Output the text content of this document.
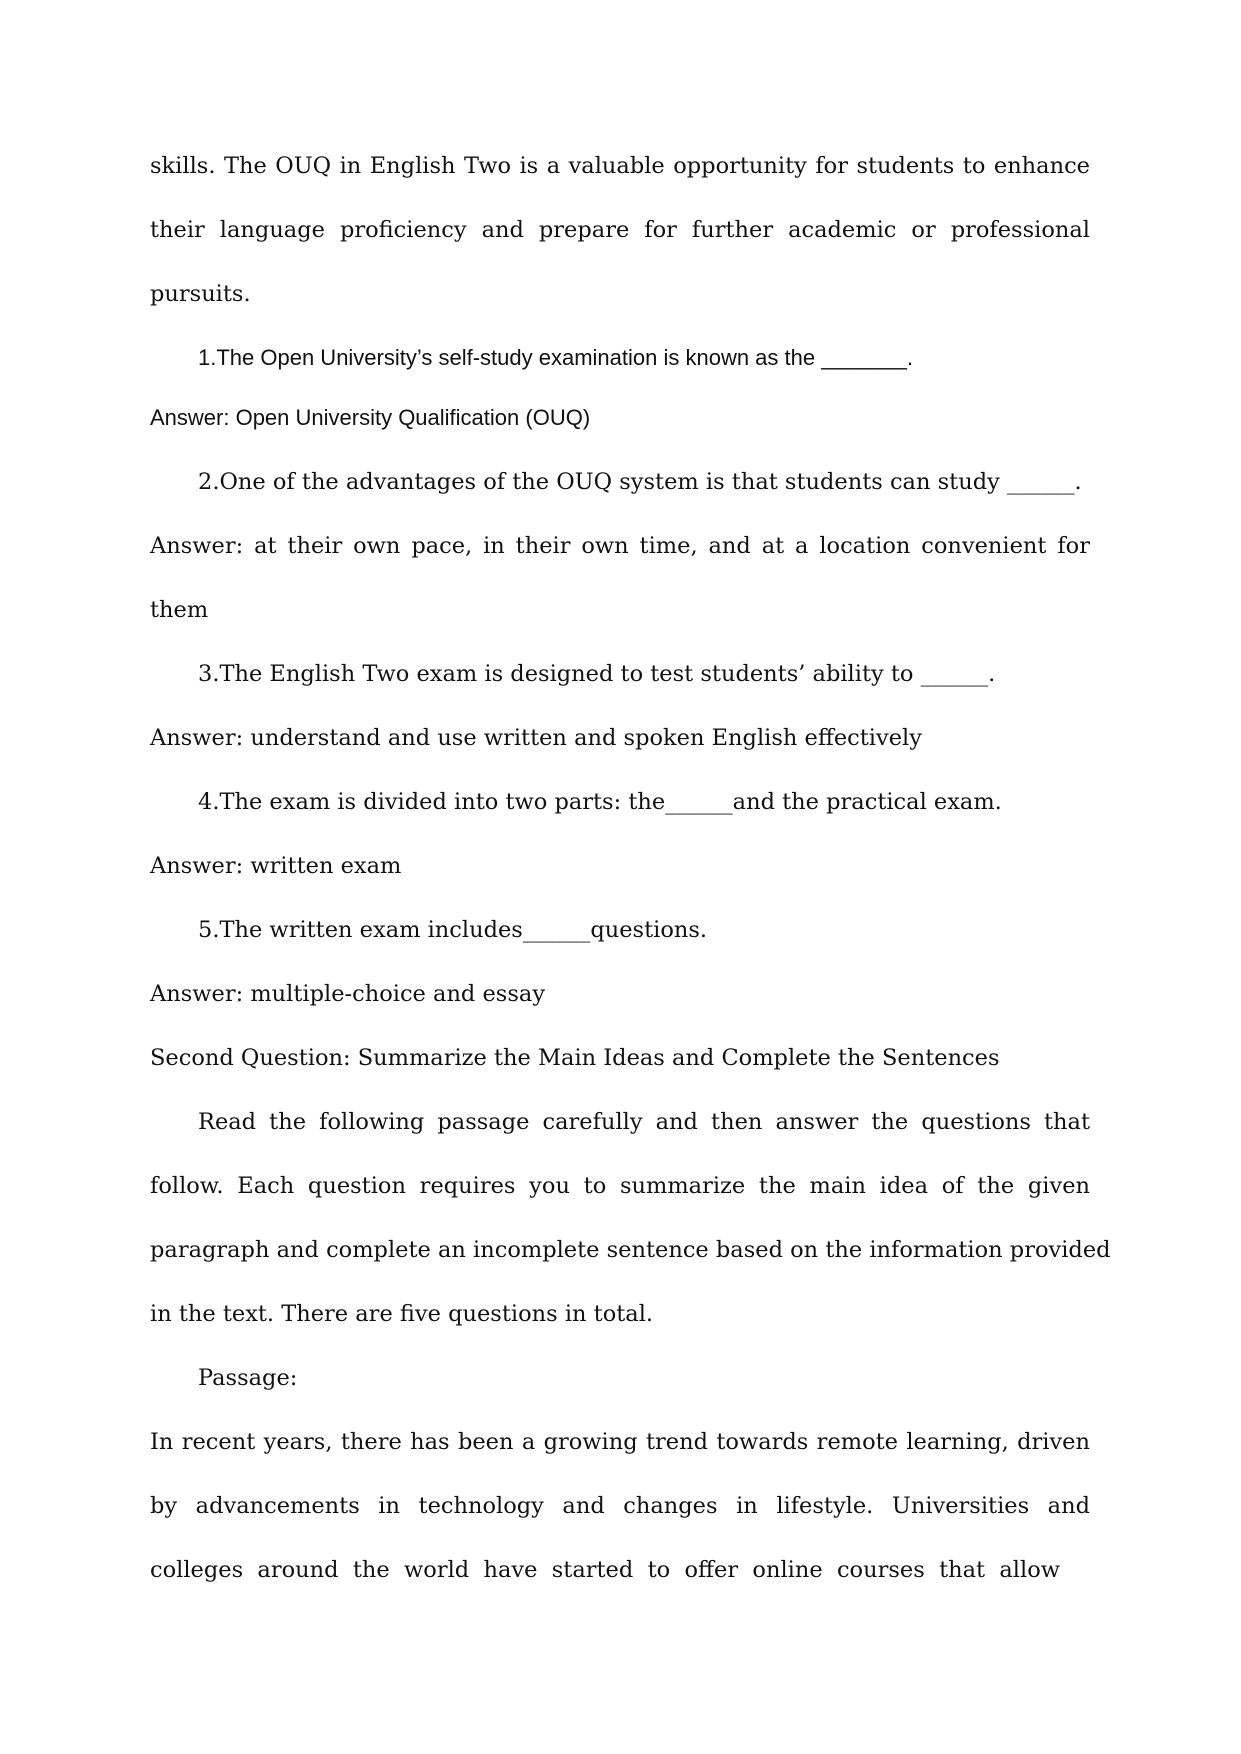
skills. The OUQ in English Two is a valuable opportunity for students to enhance
their language proficiency and prepare for further academic or professional
pursuits.
1.The Open University’s self-study examination is known as the _______.
Answer: Open University Qualification (OUQ)
2.One of the advantages of the OUQ system is that students can study ______.
Answer: at their own pace, in their own time, and at a location convenient for
them
3.The English Two exam is designed to test students’ ability to ______.
Answer: understand and use written and spoken English effectively
4.The exam is divided into two parts: the______and the practical exam.
Answer: written exam
5.The written exam includes______questions.
Answer: multiple-choice and essay
Second Question: Summarize the Main Ideas and Complete the Sentences
Read the following passage carefully and then answer the questions that
follow. Each question requires you to summarize the main idea of the given
paragraph and complete an incomplete sentence based on the information provided
in the text. There are five questions in total.
Passage:
In recent years, there has been a growing trend towards remote learning, driven
by advancements in technology and changes in lifestyle. Universities and
colleges around the world have started to offer online courses that allow
